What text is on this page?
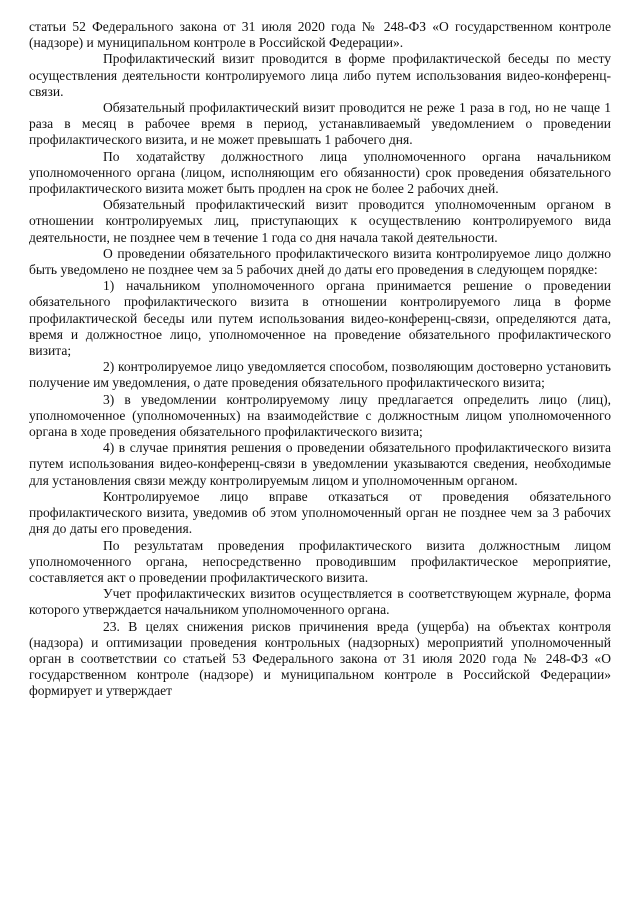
статьи 52 Федерального закона от 31 июля 2020 года № 248-ФЗ «О государственном контроле (надзоре) и муниципальном контроле в Российской Федерации».

Профилактический визит проводится в форме профилактической беседы по месту осуществления деятельности контролируемого лица либо путем использования видео-конференц-связи.

Обязательный профилактический визит проводится не реже 1 раза в год, но не чаще 1 раза в месяц в рабочее время в период, устанавливаемый уведомлением о проведении профилактического визита, и не может превышать 1 рабочего дня.

По ходатайству должностного лица уполномоченного органа начальником уполномоченного органа (лицом, исполняющим его обязанности) срок проведения обязательного профилактического визита может быть продлен на срок не более 2 рабочих дней.

Обязательный профилактический визит проводится уполномоченным органом в отношении контролируемых лиц, приступающих к осуществлению контролируемого вида деятельности, не позднее чем в течение 1 года со дня начала такой деятельности.

О проведении обязательного профилактического визита контролируемое лицо должно быть уведомлено не позднее чем за 5 рабочих дней до даты его проведения в следующем порядке:

1) начальником уполномоченного органа принимается решение о проведении обязательного профилактического визита в отношении контролируемого лица в форме профилактической беседы или путем использования видео-конференц-связи, определяются дата, время и должностное лицо, уполномоченное на проведение обязательного профилактического визита;

2) контролируемое лицо уведомляется способом, позволяющим достоверно установить получение им уведомления, о дате проведения обязательного профилактического визита;

3) в уведомлении контролируемому лицу предлагается определить лицо (лиц), уполномоченное (уполномоченных) на взаимодействие с должностным лицом уполномоченного органа в ходе проведения обязательного профилактического визита;

4) в случае принятия решения о проведении обязательного профилактического визита путем использования видео-конференц-связи в уведомлении указываются сведения, необходимые для установления связи между контролируемым лицом и уполномоченным органом.

Контролируемое лицо вправе отказаться от проведения обязательного профилактического визита, уведомив об этом уполномоченный орган не позднее чем за 3 рабочих дня до даты его проведения.

По результатам проведения профилактического визита должностным лицом уполномоченного органа, непосредственно проводившим профилактическое мероприятие, составляется акт о проведении профилактического визита.

Учет профилактических визитов осуществляется в соответствующем журнале, форма которого утверждается начальником уполномоченного органа.

23. В целях снижения рисков причинения вреда (ущерба) на объектах контроля (надзора) и оптимизации проведения контрольных (надзорных) мероприятий уполномоченный орган в соответствии со статьей 53 Федерального закона от 31 июля 2020 года № 248-ФЗ «О государственном контроле (надзоре) и муниципальном контроле в Российской Федерации» формирует и утверждает
